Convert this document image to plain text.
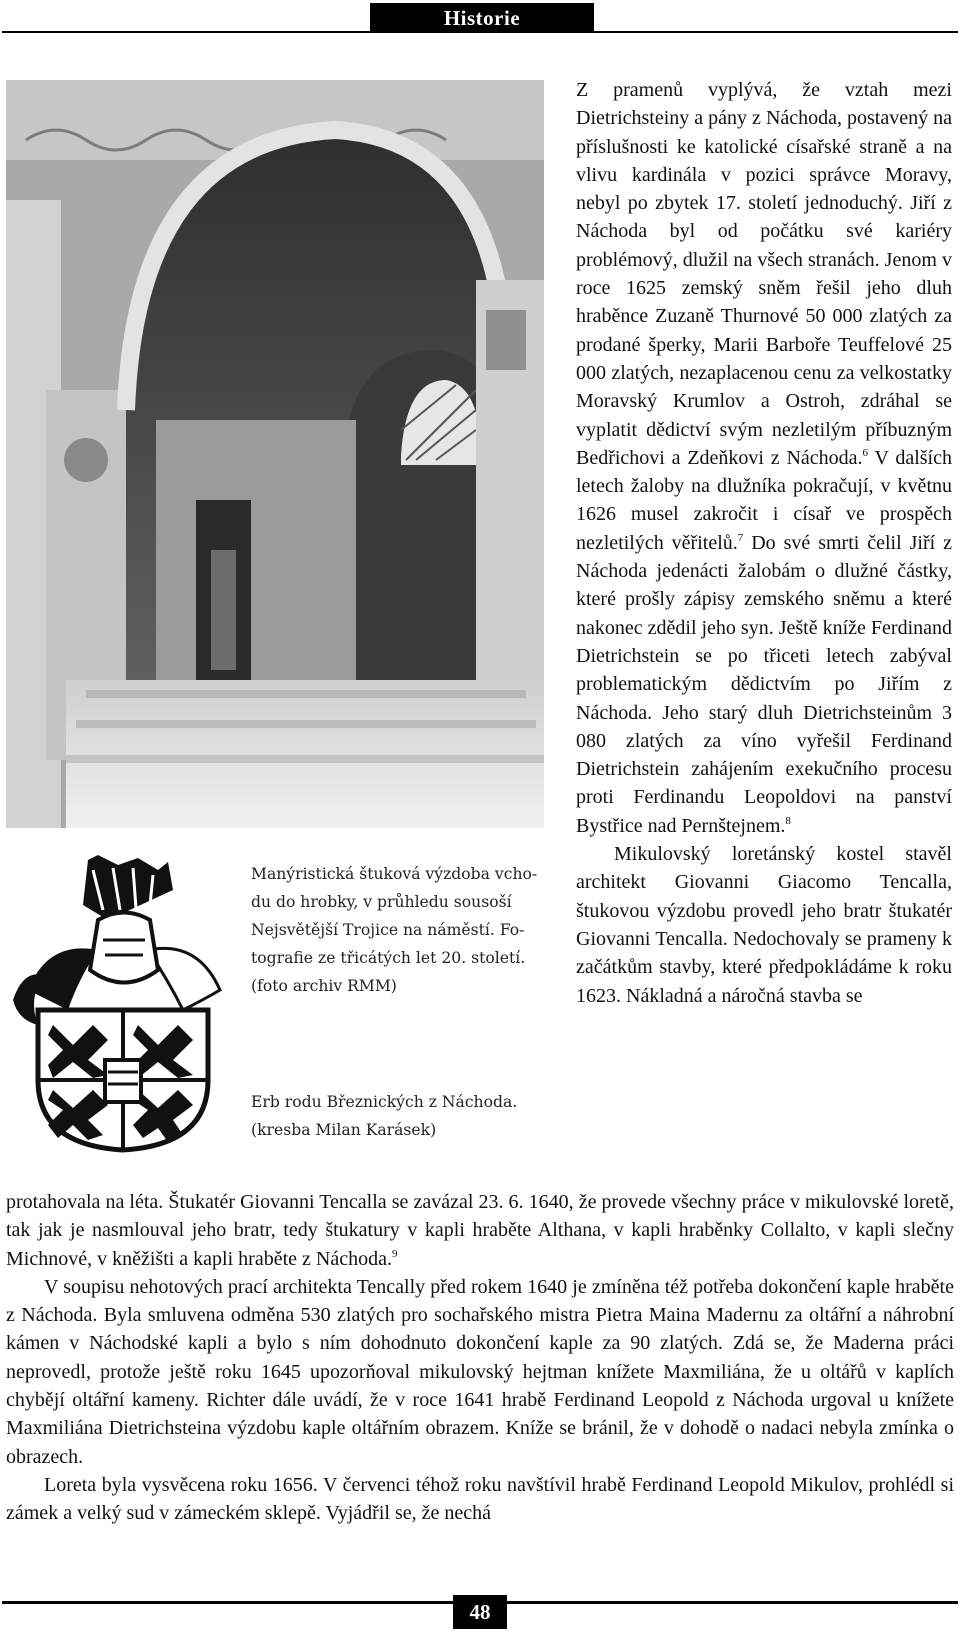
Historie
Manýristická štuková výzdoba vcho-
du do hrobky, v průhledu sousoší
Nejsvětější Trojice na náměstí. Fo-
tografie ze třicátých let 20. století.
(foto archiv RMM)
Erb rodu Březnických z Náchoda.
(kresba Milan Karásek)

Z pramenů vyplývá, že vztah mezi Dietrichsteiny a pány z Náchoda, postavený na příslušnosti ke katolické císařské straně a na vlivu kardinála v pozici správce Moravy, nebyl po zbytek 17. století jednoduchý. Jiří z Náchoda byl od počátku své kariéry problémový, dlužil na všech stranách. Jenom v roce 1625 zemský sněm řešil jeho dluh hraběnce Zuzaně Thurnové 50 000 zlatých za prodané šperky, Marii Barboře Teuffelové 25 000 zlatých, nezaplacenou cenu za velkostatky Moravský Krumlov a Ostroh, zdráhal se vyplatit dědictví svým nezletilým příbuzným Bedřichovi a Zdeňkovi z Náchoda.$^6$ V dalších letech žaloby na dlužníka pokračují, v květnu 1626 musel zakročit i císař ve prospěch nezletilých věřitelů.$^7$ Do své smrti čelil Jiří z Náchoda jedenácti žalobám o dlužné částky, které prošly zápisy zemského sněmu a které nakonec zdědil jeho syn. Ještě kníže Ferdinand Dietrichstein se po třiceti letech zabýval problematickým dědictvím po Jiřím z Náchoda. Jeho starý dluh Dietrichsteinům 3 080 zlatých za víno vyřešil Ferdinand Dietrichstein zahájením exekučního procesu proti Ferdinandu Leopoldovi na panství Bystřice nad Pernštejnem.$^8$

Mikulovský loretánský kostel stavěl architekt Giovanni Giacomo Tencalla, štukovou výzdobu provedl jeho bratr štukatér Giovanni Tencalla. Nedochovaly se prameny k začátkům stavby, které předpokládáme k roku 1623. Nákladná a náročná stavba se

protahovala na léta. Štukatér Giovanni Tencalla se zavázal 23. 6. 1640, že provede všechny práce v mikulovské loretě, tak jak je nasmlouval jeho bratr, tedy štukatury v kapli hraběte Althana, v kapli hraběnky Collalto, v kapli slečny Michnové, v kněžišti a kapli hraběte z Náchoda.$^9$

V soupisu nehotových prací architekta Tencally před rokem 1640 je zmíněna též potřeba dokončení kaple hraběte z Náchoda. Byla smluvena odměna 530 zlatých pro sochařského mistra Pietra Maina Madernu za oltářní a náhrobní kámen v Náchodské kapli a bylo s ním dohodnuto dokončení kaple za 90 zlatých. Zdá se, že Maderna práci neprovedl, protože ještě roku 1645 upozorňoval mikulovský hejtman knížete Maxmiliána, že u oltářů v kaplích chybějí oltářní kameny. Richter dále uvádí, že v roce 1641 hrabě Ferdinand Leopold z Náchoda urgoval u knížete Maxmiliána Dietrichsteina výzdobu kaple oltářním obrazem. Kníže se bránil, že v dohodě o nadaci nebyla zmínka o obrazech.

Loreta byla vysvěcena roku 1656. V červenci téhož roku navštívil hrabě Ferdinand Leopold Mikulov, prohlédl si zámek a velký sud v zámeckém sklepě. Vyjádřil se, že nechá

48
